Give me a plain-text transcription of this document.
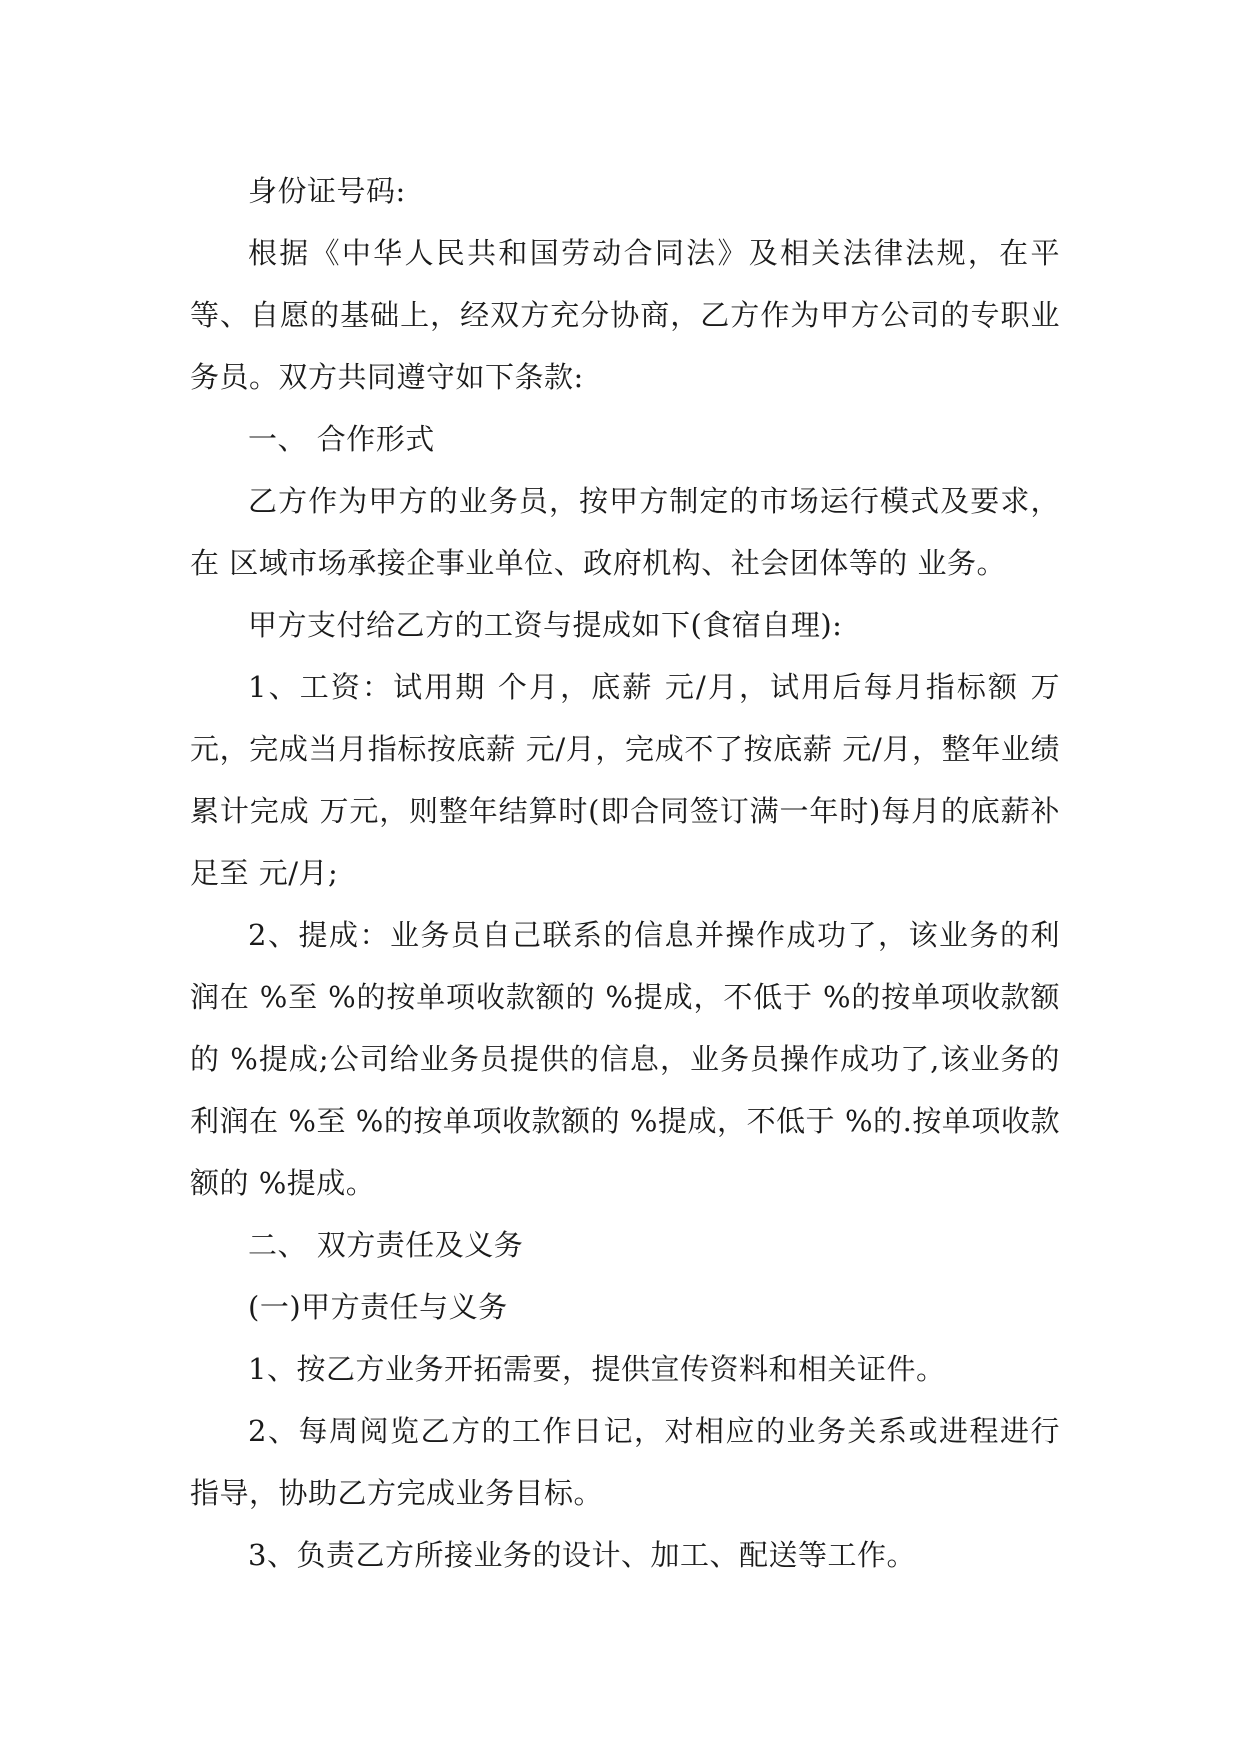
身份证号码:

根据《中华人民共和国劳动合同法》及相关法律法规，在平等、自愿的基础上，经双方充分协商，乙方作为甲方公司的专职业务员。双方共同遵守如下条款:

一、 合作形式

乙方作为甲方的业务员，按甲方制定的市场运行模式及要求，在 区域市场承接企事业单位、政府机构、社会团体等的 业务。

甲方支付给乙方的工资与提成如下(食宿自理):

1、工资：试用期 个月，底薪 元/月，试用后每月指标额 万元，完成当月指标按底薪 元/月，完成不了按底薪 元/月，整年业绩累计完成 万元，则整年结算时(即合同签订满一年时)每月的底薪补足至 元/月;

2、提成：业务员自己联系的信息并操作成功了，该业务的利润在 %至 %的按单项收款额的 %提成，不低于 %的按单项收款额的 %提成;公司给业务员提供的信息，业务员操作成功了,该业务的利润在 %至 %的按单项收款额的 %提成，不低于 %的.按单项收款额的 %提成。

二、 双方责任及义务

(一)甲方责任与义务

1、按乙方业务开拓需要，提供宣传资料和相关证件。

2、每周阅览乙方的工作日记，对相应的业务关系或进程进行指导，协助乙方完成业务目标。

3、负责乙方所接业务的设计、加工、配送等工作。
